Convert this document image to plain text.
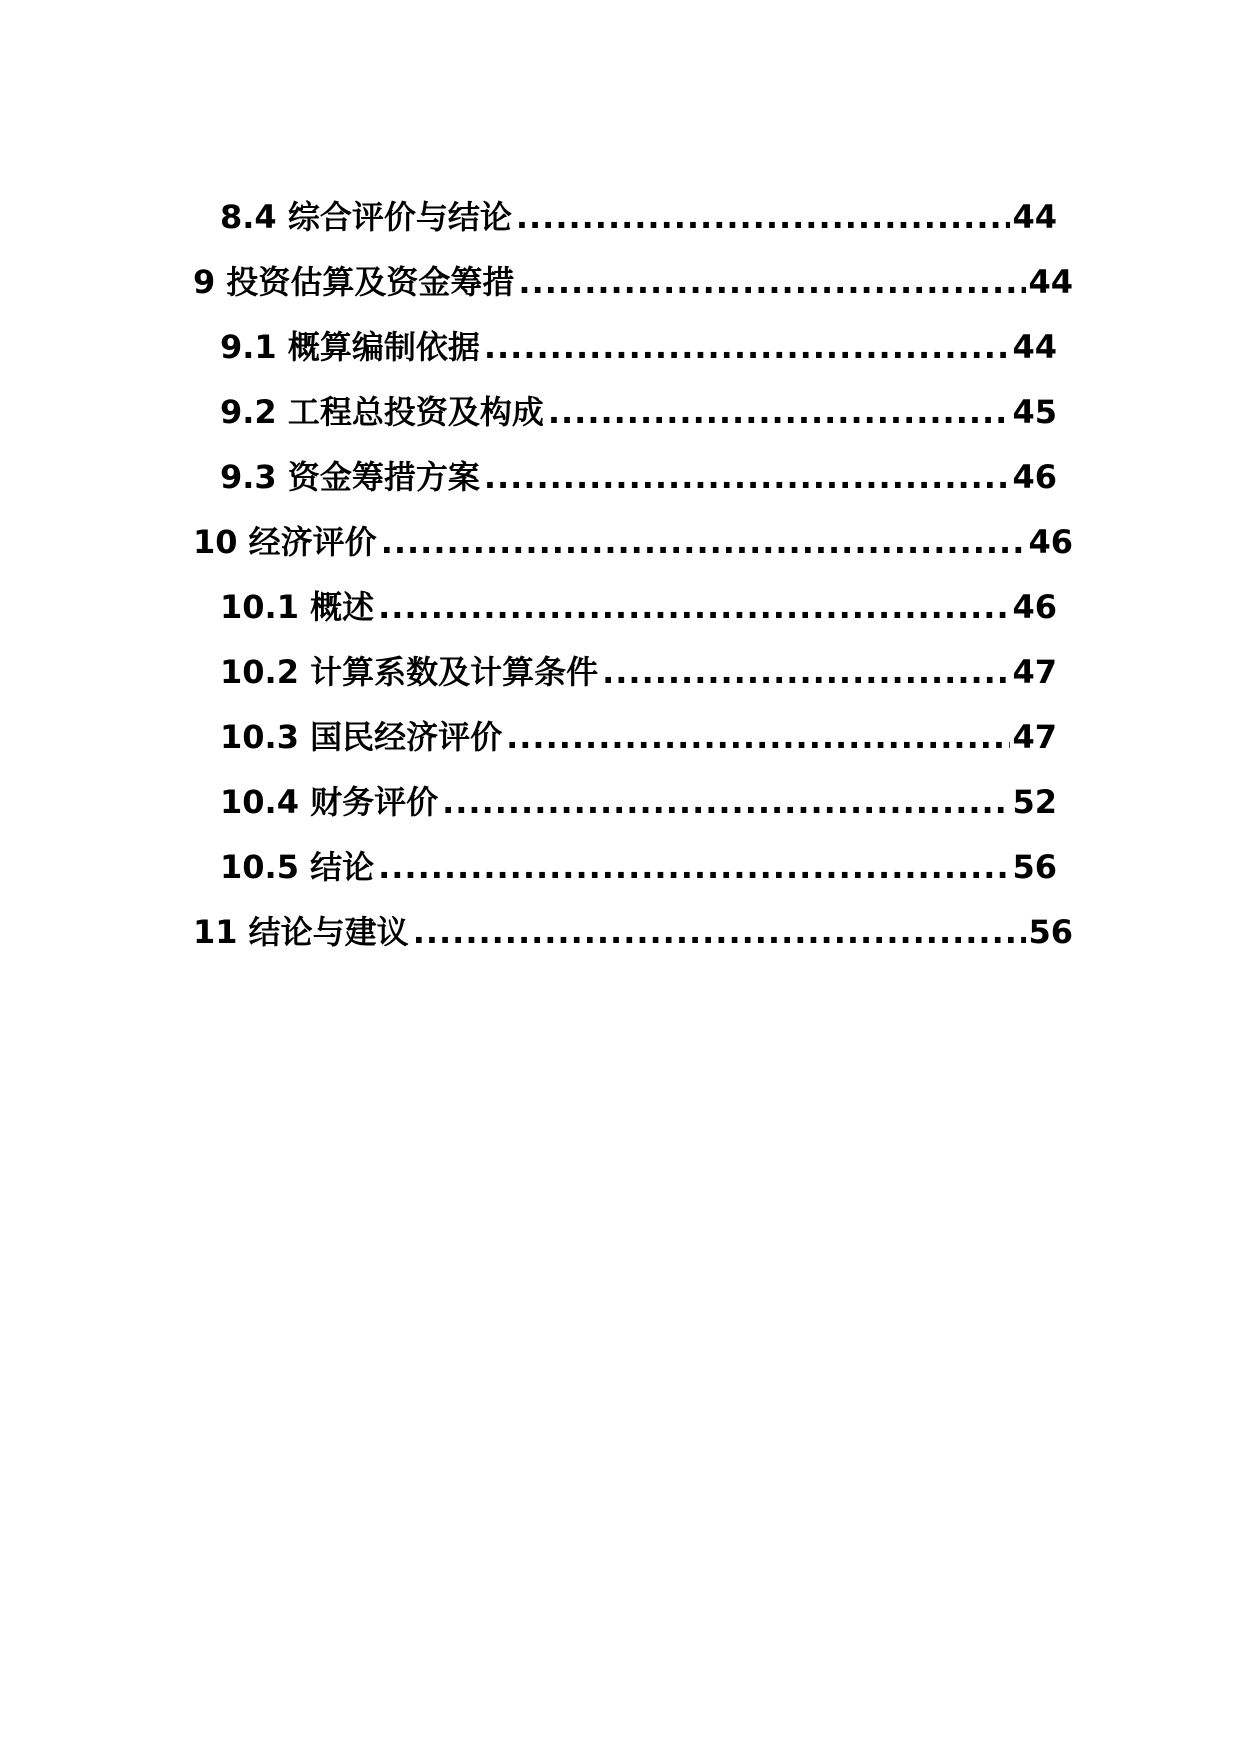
8.4 综合评价与结论 .....	44
9 投资估算及资金筹措 .....	44
9.1 概算编制依据 .....	44
9.2 工程总投资及构成 .....	45
9.3 资金筹措方案 .....	46
10 经济评价 .....	46
10.1 概述 .....	46
10.2 计算系数及计算条件 .....	47
10.3 国民经济评价 .....	47
10.4 财务评价 .....	52
10.5 结论 .....	56
11 结论与建议 .....	56
